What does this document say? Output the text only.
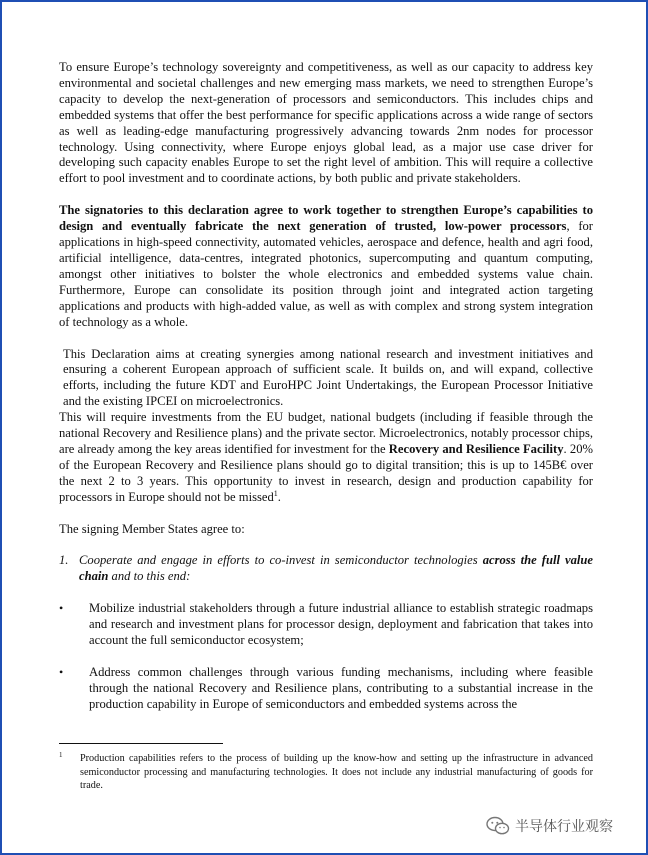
To ensure Europe’s technology sovereignty and competitiveness, as well as our capacity to address key environmental and societal challenges and new emerging mass markets, we need to strengthen Europe’s capacity to develop the next-generation of processors and semiconductors. This includes chips and embedded systems that offer the best performance for specific applications across a wide range of sectors as well as leading-edge manufacturing progressively advancing towards 2nm nodes for processor technology. Using connectivity, where Europe enjoys global lead, as a major use case driver for developing such capacity enables Europe to set the right level of ambition. This will require a collective effort to pool investment and to coordinate actions, by both public and private stakeholders.

The signatories to this declaration agree to work together to strengthen Europe’s capabilities to design and eventually fabricate the next generation of trusted, low-power processors, for applications in high-speed connectivity, automated vehicles, aerospace and defence, health and agri food, artificial intelligence, data-centres, integrated photonics, supercomputing and quantum computing, amongst other initiatives to bolster the whole electronics and embedded systems value chain. Furthermore, Europe can consolidate its position through joint and integrated action targeting applications and products with high-added value, as well as with complex and strong system integration of technology as a whole.

This Declaration aims at creating synergies among national research and investment initiatives and ensuring a coherent European approach of sufficient scale. It builds on, and will expand, collective efforts, including the future KDT and EuroHPC Joint Undertakings, the European Processor Initiative and the existing IPCEI on microelectronics.

This will require investments from the EU budget, national budgets (including if feasible through the national Recovery and Resilience plans) and the private sector. Microelectronics, notably processor chips, are already among the key areas identified for investment for the Recovery and Resilience Facility. 20% of the European Recovery and Resilience plans should go to digital transition; this is up to 145B€ over the next 2 to 3 years. This opportunity to invest in research, design and production capability for processors in Europe should not be missed$^1$.

The signing Member States agree to:

1. Cooperate and engage in efforts to co-invest in semiconductor technologies across the full value chain and to this end:

• Mobilize industrial stakeholders through a future industrial alliance to establish strategic roadmaps and research and investment plans for processor design, deployment and fabrication that takes into account the full semiconductor ecosystem;

• Address common challenges through various funding mechanisms, including where feasible through the national Recovery and Resilience plans, contributing to a substantial increase in the production capability in Europe of semiconductors and embedded systems across the

1	Production capabilities refers to the process of building up the know-how and setting up the infrastructure in advanced semiconductor processing and manufacturing technologies. It does not include any industrial manufacturing of goods for trade.
半导体行业观察
